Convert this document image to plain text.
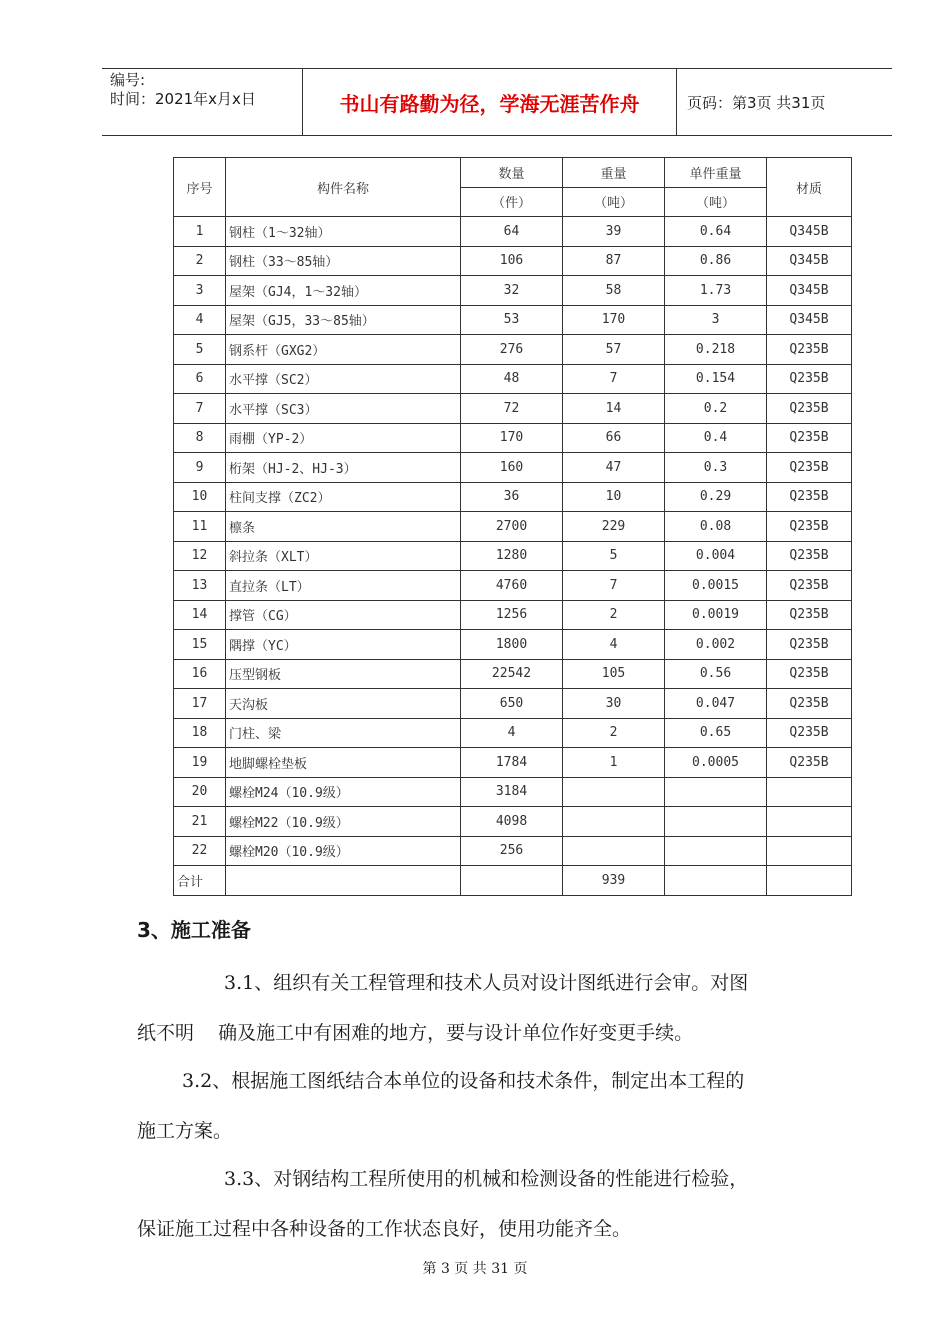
编号:
时间：2021年x月x日	书山有路勤为径，学海无涯苦作舟	页码：第3页 共31页
序号	构件名称	数量	重量	单件重量	材质
		（件）	（吨）	（吨）	
1	钢柱（1～32轴）	64	39	0.64	Q345B
2	钢柱（33～85轴）	106	87	0.86	Q345B
3	屋架（GJ4，1～32轴）	32	58	1.73	Q345B
4	屋架（GJ5，33～85轴）	53	170	3	Q345B
5	钢系杆（GXG2）	276	57	0.218	Q235B
6	水平撑（SC2）	48	7	0.154	Q235B
7	水平撑（SC3）	72	14	0.2	Q235B
8	雨棚（YP-2）	170	66	0.4	Q235B
9	桁架（HJ-2、HJ-3）	160	47	0.3	Q235B
10	柱间支撑（ZC2）	36	10	0.29	Q235B
11	檩条	2700	229	0.08	Q235B
12	斜拉条（XLT）	1280	5	0.004	Q235B
13	直拉条（LT）	4760	7	0.0015	Q235B
14	撑管（CG）	1256	2	0.0019	Q235B
15	隅撑（YC）	1800	4	0.002	Q235B
16	压型钢板	22542	105	0.56	Q235B
17	天沟板	650	30	0.047	Q235B
18	门柱、梁	4	2	0.65	Q235B
19	地脚螺栓垫板	1784	1	0.0005	Q235B
20	螺栓M24（10.9级）	3184			
21	螺栓M22（10.9级）	4098			
22	螺栓M20（10.9级）	256			
合计			939		
3、施工准备
3.1、组织有关工程管理和技术人员对设计图纸进行会审。对图
纸不明    确及施工中有困难的地方，要与设计单位作好变更手续。
3.2、根据施工图纸结合本单位的设备和技术条件，制定出本工程的
施工方案。
3.3、对钢结构工程所使用的机械和检测设备的性能进行检验，
保证施工过程中各种设备的工作状态良好，使用功能齐全。
第 3 页 共 31 页
